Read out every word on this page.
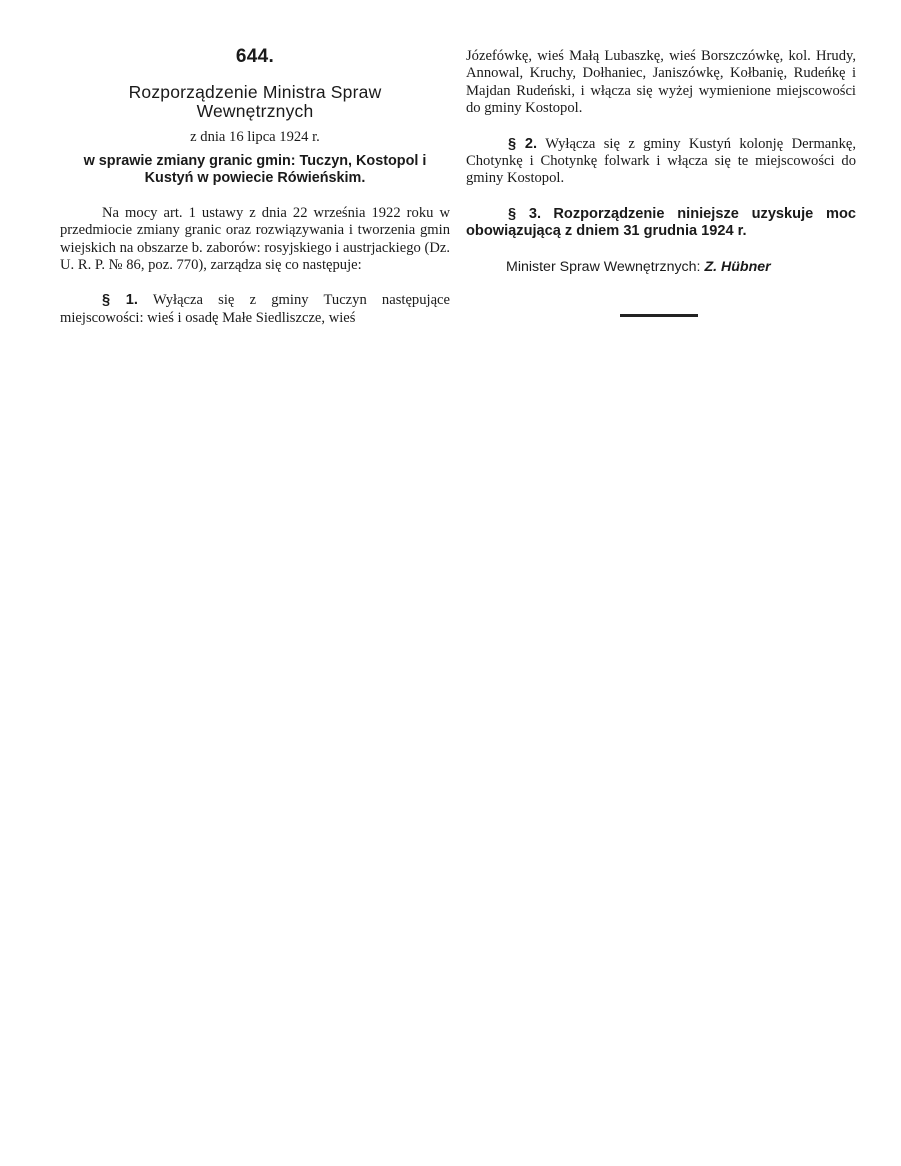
644.
Rozporządzenie Ministra Spraw
Wewnętrznych
z dnia 16 lipca 1924 r.
w sprawie zmiany granic gmin: Tuczyn, Kostopol i Kustyń w powiecie Rówieńskim.

Na mocy art. 1 ustawy z dnia 22 września 1922 roku w przedmiocie zmiany granic oraz rozwiązywania i tworzenia gmin wiejskich na obszarze b. zaborów: rosyjskiego i austrjackiego (Dz. U. R. P. № 86, poz. 770), zarządza się co następuje:

§ 1. Wyłącza się z gminy Tuczyn następujące miejscowości: wieś i osadę Małe Siedliszcze, wieś

Józefówkę, wieś Małą Lubaszkę, wieś Borszczówkę, kol. Hrudy, Annowal, Kruchy, Dołhaniec, Janiszówkę, Kołbanię, Rudeńkę i Majdan Rudeński, i włącza się wyżej wymienione miejscowości do gminy Kostopol.

§ 2. Wyłącza się z gminy Kustyń kolonję Dermankę, Chotynkę i Chotynkę folwark i włącza się te miejscowości do gminy Kostopol.

§ 3. Rozporządzenie niniejsze uzyskuje moc obowiązującą z dniem 31 grudnia 1924 r.

Minister Spraw Wewnętrznych: Z. Hübner
